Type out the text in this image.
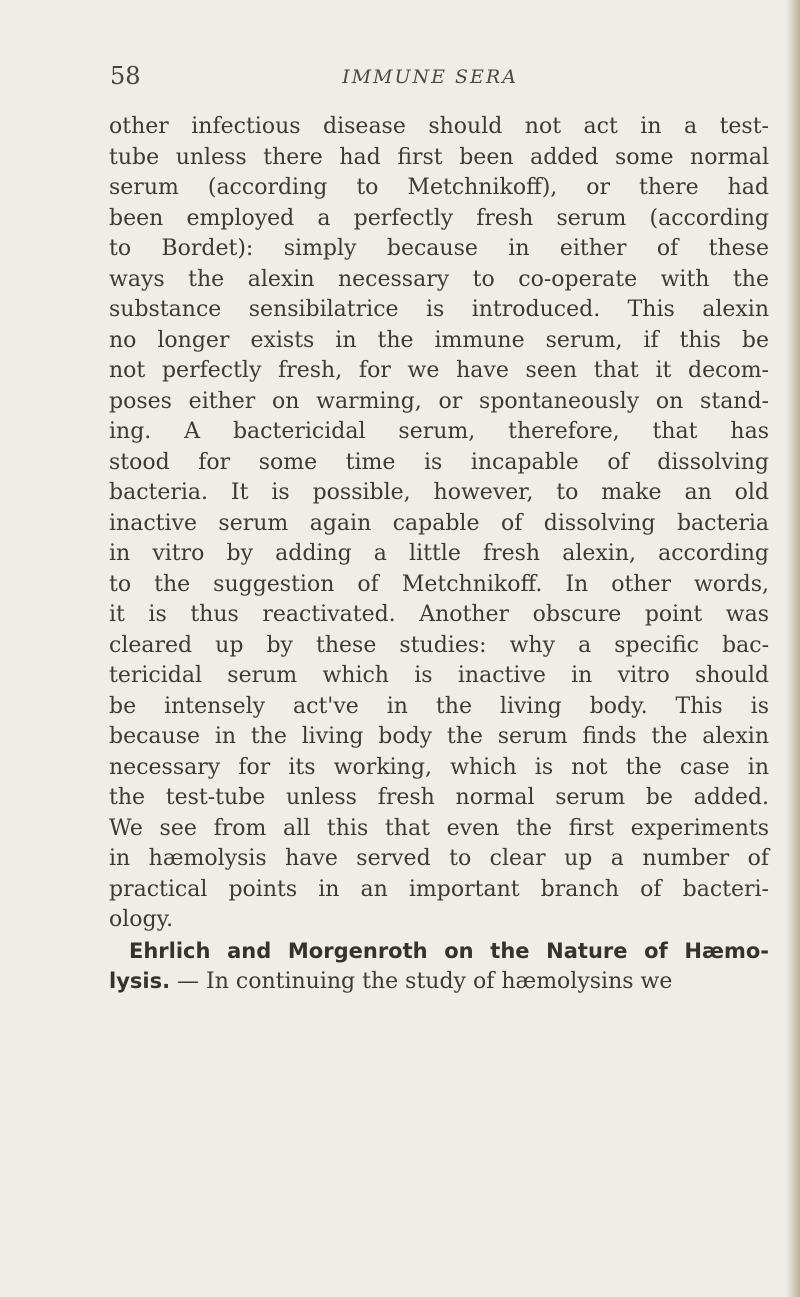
58	IMMUNE SERA
other infectious disease should not act in a test-
tube unless there had first been added some normal
serum (according to Metchnikoff), or there had
been employed a perfectly fresh serum (according
to Bordet): simply because in either of these
ways the alexin necessary to co-operate with the
substance sensibilatrice is introduced. This alexin
no longer exists in the immune serum, if this be
not perfectly fresh, for we have seen that it decom-
poses either on warming, or spontaneously on stand-
ing. A bactericidal serum, therefore, that has
stood for some time is incapable of dissolving
bacteria. It is possible, however, to make an old
inactive serum again capable of dissolving bacteria
in vitro by adding a little fresh alexin, according
to the suggestion of Metchnikoff. In other words,
it is thus reactivated. Another obscure point was
cleared up by these studies: why a specific bac-
tericidal serum which is inactive in vitro should
be intensely act've in the living body. This is
because in the living body the serum finds the alexin
necessary for its working, which is not the case in
the test-tube unless fresh normal serum be added.
We see from all this that even the first experiments
in hæmolysis have served to clear up a number of
practical points in an important branch of bacteri-
ology.
Ehrlich and Morgenroth on the Nature of Hæmo-
lysis. — In continuing the study of hæmolysins we
